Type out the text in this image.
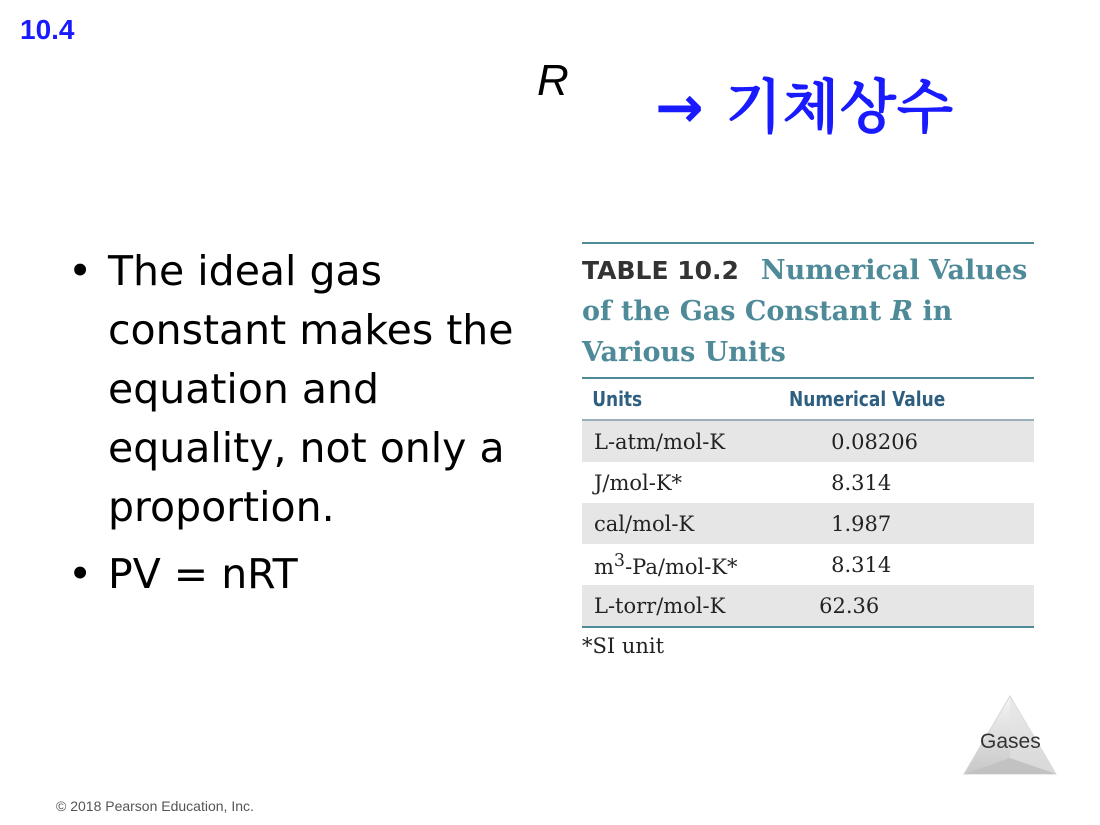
10.4
R → 기체상수
• The ideal gas constant makes the equation and equality, not only a proportion.
• PV = nRT
TABLE 10.2 Numerical Values of the Gas Constant R in Various Units
Units	Numerical Value
L-atm/mol-K	0.08206
J/mol-K*	8.314
cal/mol-K	1.987
$m^3-Pa/mol-K*$	8.314
L-torr/mol-K	62.36
*SI unit
Gases
© 2018 Pearson Education, Inc.
